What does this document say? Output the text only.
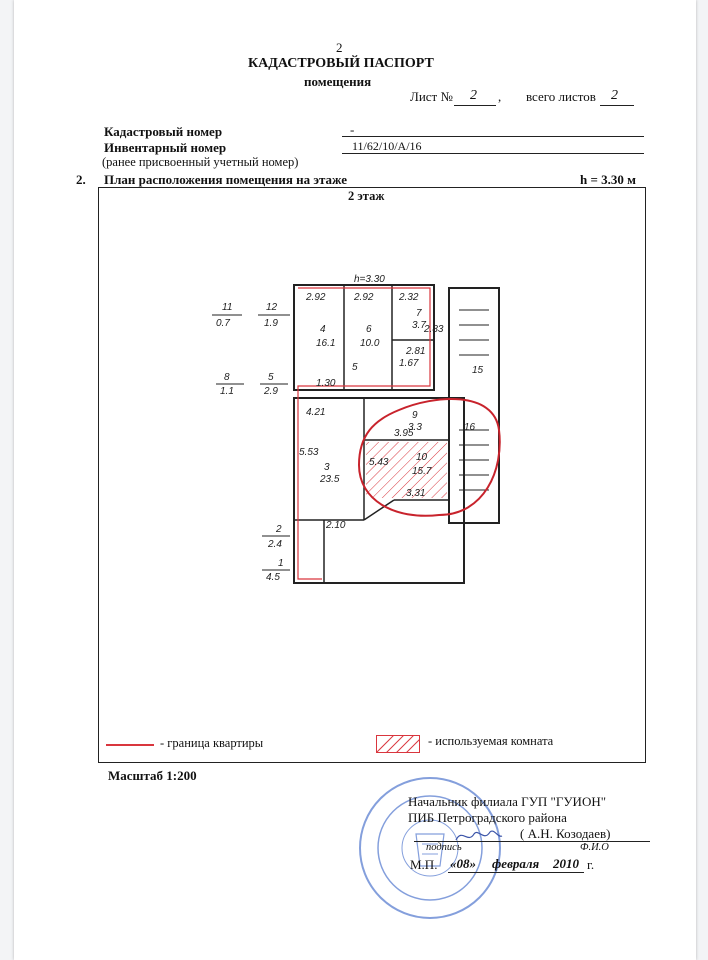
2
КАДАСТРОВЫЙ ПАСПОРТ
помещения
Лист № 2 , всего листов 2
Кадастровый номер	-
Инвентарный номер	11/62/10/А/16
(ранее присвоенный учетный номер)
2. План расположения помещения на этаже	h = 3.30 м
2 этаж
h=3.30
2.92	2.92	2.32
4
16.1
6
10.0
7
3.7
2.83
2.81
1.67
5
1.30
4.21
3
23.5
5.53
9
3.3
3.95
5.43	10
15.7
3.31
2.10
15
16
11
0.7
12
1.9
8
1.1
5
2.9
2
2.4
1
4.5
- граница квартиры	- используемая комната
Масштаб 1:200
Начальник филиала ГУП "ГУИОН"
ПИБ Петроградского района
( А.Н. Козодаев)
подпись	Ф.И.О
М.П. «08» февраля 2010 г.
